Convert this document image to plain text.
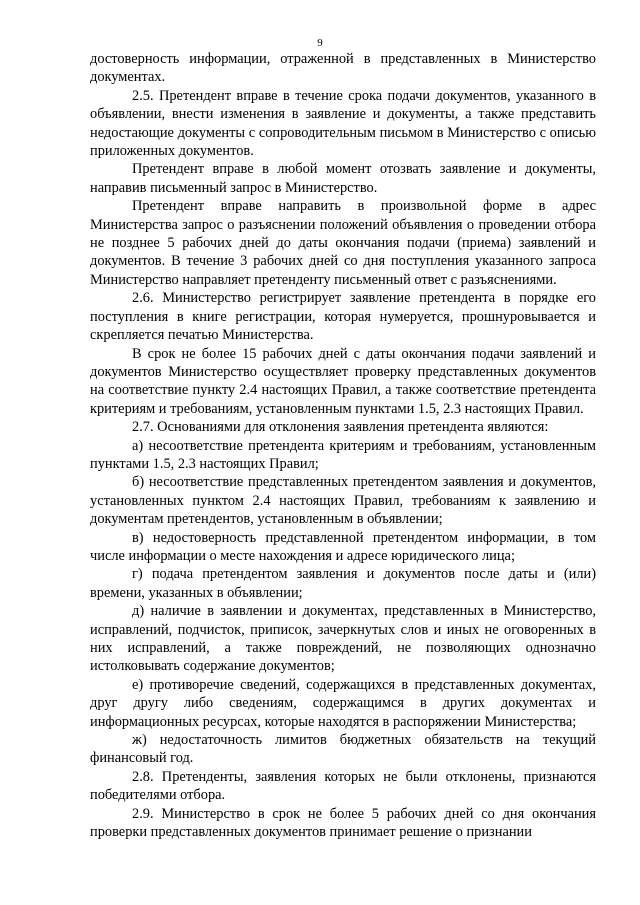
9

достоверность информации, отраженной в представленных в Министерство документах.

2.5. Претендент вправе в течение срока подачи документов, указанного в объявлении, внести изменения в заявление и документы, а также представить недостающие документы с сопроводительным письмом в Министерство с описью приложенных документов.

Претендент вправе в любой момент отозвать заявление и документы, направив письменный запрос в Министерство.

Претендент вправе направить в произвольной форме в адрес Министерства запрос о разъяснении положений объявления о проведении отбора не позднее 5 рабочих дней до даты окончания подачи (приема) заявлений и документов. В течение 3 рабочих дней со дня поступления указанного запроса Министерство направляет претенденту письменный ответ с разъяснениями.

2.6. Министерство регистрирует заявление претендента в порядке его поступления в книге регистрации, которая нумеруется, прошнуровывается и скрепляется печатью Министерства.

В срок не более 15 рабочих дней с даты окончания подачи заявлений и документов Министерство осуществляет проверку представленных документов на соответствие пункту 2.4 настоящих Правил, а также соответствие претендента критериям и требованиям, установленным пунктами 1.5, 2.3 настоящих Правил.

2.7. Основаниями для отклонения заявления претендента являются:

а) несоответствие претендента критериям и требованиям, установленным пунктами 1.5, 2.3 настоящих Правил;

б) несоответствие представленных претендентом заявления и документов, установленных пунктом 2.4 настоящих Правил, требованиям к заявлению и документам претендентов, установленным в объявлении;

в) недостоверность представленной претендентом информации, в том числе информации о месте нахождения и адресе юридического лица;

г) подача претендентом заявления и документов после даты и (или) времени, указанных в объявлении;

д) наличие в заявлении и документах, представленных в Министерство, исправлений, подчисток, приписок, зачеркнутых слов и иных не оговоренных в них исправлений, а также повреждений, не позволяющих однозначно истолковывать содержание документов;

е) противоречие сведений, содержащихся в представленных документах, друг другу либо сведениям, содержащимся в других документах и информационных ресурсах, которые находятся в распоряжении Министерства;

ж) недостаточность лимитов бюджетных обязательств на текущий финансовый год.

2.8. Претенденты, заявления которых не были отклонены, признаются победителями отбора.

2.9. Министерство в срок не более 5 рабочих дней со дня окончания проверки представленных документов принимает решение о признании
